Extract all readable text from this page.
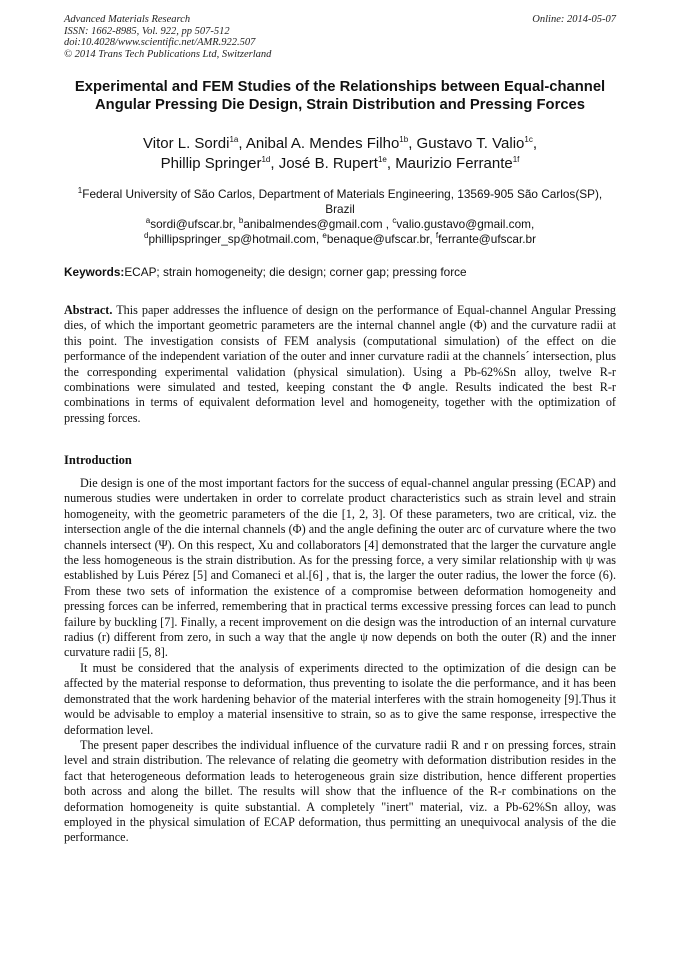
Advanced Materials Research
ISSN: 1662-8985, Vol. 922, pp 507-512
doi:10.4028/www.scientific.net/AMR.922.507
© 2014 Trans Tech Publications Ltd, Switzerland
Online: 2014-05-07
Experimental and FEM Studies of the Relationships between Equal-channel Angular Pressing Die Design, Strain Distribution and Pressing Forces
Vitor L. Sordi$^{1a}$, Anibal A. Mendes Filho$^{1b}$, Gustavo T. Valio$^{1c}$,
Phillip Springer$^{1d}$, José B. Rupert$^{1e}$, Maurizio Ferrante$^{1f}$
$^1$Federal University of São Carlos, Department of Materials Engineering, 13569-905 São Carlos(SP), Brazil
$^a$sordi@ufscar.br, $^b$anibalmendes@gmail.com , $^c$valio.gustavo@gmail.com,
$^d$phillipspringer_sp@hotmail.com, $^e$benaque@ufscar.br, $^f$ferrante@ufscar.br
Keywords:ECAP; strain homogeneity; die design; corner gap; pressing force

Abstract. This paper addresses the influence of design on the performance of Equal-channel Angular Pressing dies, of which the important geometric parameters are the internal channel angle (Φ) and the curvature radii at this point. The investigation consists of FEM analysis (computational simulation) of the effect on die performance of the independent variation of the outer and inner curvature radii at the channels´ intersection, plus the corresponding experimental validation (physical simulation). Using a Pb-62%Sn alloy, twelve R-r combinations were simulated and tested, keeping constant the Φ angle. Results indicated the best R-r combinations in terms of equivalent deformation level and homogeneity, together with the optimization of pressing forces.

Introduction

Die design is one of the most important factors for the success of equal-channel angular pressing (ECAP) and numerous studies were undertaken in order to correlate product characteristics such as strain level and strain homogeneity, with the geometric parameters of the die [1, 2, 3]. Of these parameters, two are critical, viz. the intersection angle of the die internal channels (Φ) and the angle defining the outer arc of curvature where the two channels intersect (Ψ). On this respect, Xu and collaborators [4] demonstrated that the larger the curvature angle the less homogeneous is the strain distribution. As for the pressing force, a very similar relationship with ψ was established by Luis Pérez [5] and Comaneci et al.[6] , that is, the larger the outer radius, the lower the force (6). From these two sets of information the existence of a compromise between deformation homogeneity and pressing forces can be inferred, remembering that in practical terms excessive pressing forces can lead to punch failure by buckling [7]. Finally, a recent improvement on die design was the introduction of an internal curvature radius (r) different from zero, in such a way that the angle ψ now depends on both the outer (R) and the inner curvature radii [5, 8].

It must be considered that the analysis of experiments directed to the optimization of die design can be affected by the material response to deformation, thus preventing to isolate the die performance, and it has been demonstrated that the work hardening behavior of the material interferes with the strain homogeneity [9].Thus it would be advisable to employ a material insensitive to strain, so as to give the same response, irrespective the deformation level.

The present paper describes the individual influence of the curvature radii R and r on pressing forces, strain level and strain distribution. The relevance of relating die geometry with deformation distribution resides in the fact that heterogeneous deformation leads to heterogeneous grain size distribution, hence different properties both across and along the billet. The results will show that the influence of the R-r combinations on the deformation homogeneity is quite substantial. A completely "inert" material, viz. a Pb-62%Sn alloy, was employed in the physical simulation of ECAP deformation, thus permitting an unequivocal analysis of the die performance.
